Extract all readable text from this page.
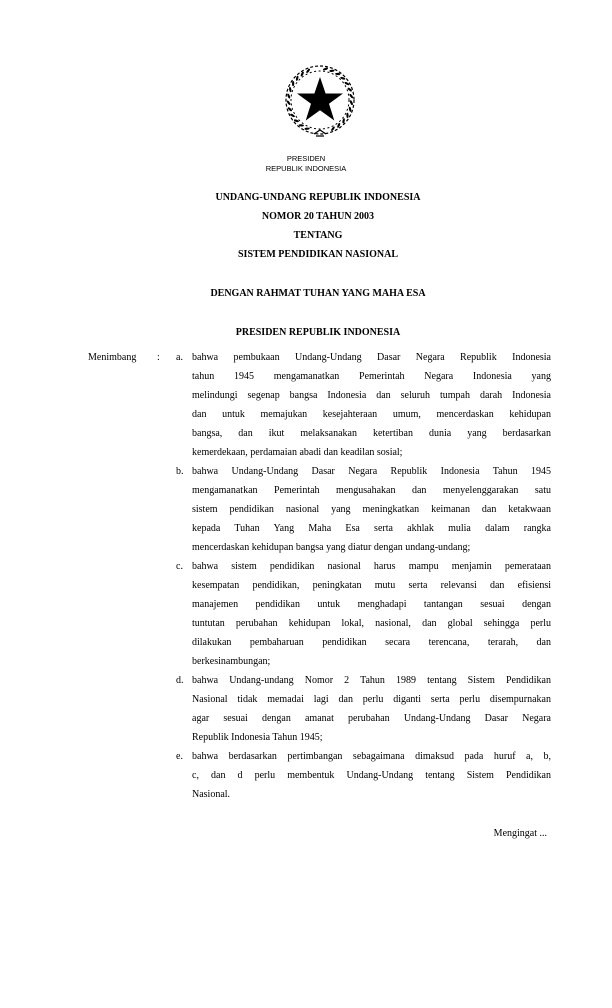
PRESIDEN
REPUBLIK INDONESIA
UNDANG-UNDANG REPUBLIK INDONESIA
NOMOR 20 TAHUN 2003
TENTANG
SISTEM PENDIDIKAN NASIONAL
DENGAN RAHMAT TUHAN YANG MAHA ESA
PRESIDEN REPUBLIK INDONESIA
Menimbang : a. bahwa pembukaan Undang-Undang Dasar Negara Republik Indonesia
tahun 1945 mengamanatkan Pemerintah Negara Indonesia yang
melindungi segenap bangsa Indonesia dan seluruh tumpah darah Indonesia
dan untuk memajukan kesejahteraan umum, mencerdaskan kehidupan
bangsa, dan ikut melaksanakan ketertiban dunia yang berdasarkan
kemerdekaan, perdamaian abadi dan keadilan sosial;
b. bahwa Undang-Undang Dasar Negara Republik Indonesia Tahun 1945
mengamanatkan Pemerintah mengusahakan dan menyelenggarakan satu
sistem pendidikan nasional yang meningkatkan keimanan dan ketakwaan
kepada Tuhan Yang Maha Esa serta akhlak mulia dalam rangka
mencerdaskan kehidupan bangsa yang diatur dengan undang-undang;
c. bahwa sistem pendidikan nasional harus mampu menjamin pemerataan
kesempatan pendidikan, peningkatan mutu serta relevansi dan efisiensi
manajemen pendidikan untuk menghadapi tantangan sesuai dengan
tuntutan perubahan kehidupan lokal, nasional, dan global sehingga perlu
dilakukan pembaharuan pendidikan secara terencana, terarah, dan
berkesinambungan;
d. bahwa Undang-undang Nomor 2 Tahun 1989 tentang Sistem Pendidikan
Nasional tidak memadai lagi dan perlu diganti serta perlu disempurnakan
agar sesuai dengan amanat perubahan Undang-Undang Dasar Negara
Republik Indonesia Tahun 1945;
e. bahwa berdasarkan pertimbangan sebagaimana dimaksud pada huruf a, b,
c, dan d perlu membentuk Undang-Undang tentang Sistem Pendidikan
Nasional.
Mengingat ...
